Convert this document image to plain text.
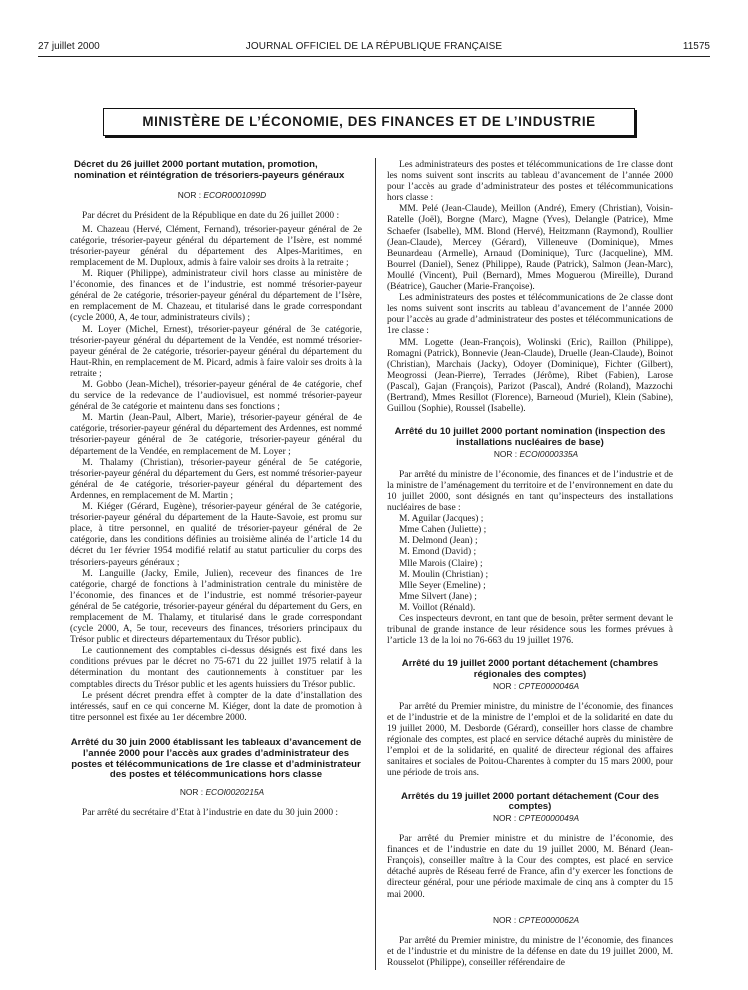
27 juillet 2000	JOURNAL OFFICIEL DE LA RÉPUBLIQUE FRANÇAISE	11575
MINISTÈRE DE L’ÉCONOMIE, DES FINANCES ET DE L’INDUSTRIE
Décret du 26 juillet 2000 portant mutation, promotion, nomination et réintégration de trésoriers-payeurs généraux

NOR : ECOR0001099D

Par décret du Président de la République en date du 26 juillet 2000 :

M. Chazeau (Hervé, Clément, Fernand), trésorier-payeur général de 2e catégorie, trésorier-payeur général du département de l’Isère, est nommé trésorier-payeur général du département des Alpes-Maritimes, en remplacement de M. Duploux, admis à faire valoir ses droits à la retraite ;

M. Riquer (Philippe), administrateur civil hors classe au ministère de l’économie, des finances et de l’industrie, est nommé trésorier-payeur général de 2e catégorie, trésorier-payeur général du département de l’Isère, en remplacement de M. Chazeau, et titularisé dans le grade correspondant (cycle 2000, A, 4e tour, administrateurs civils) ;

M. Loyer (Michel, Ernest), trésorier-payeur général de 3e catégorie, trésorier-payeur général du département de la Vendée, est nommé trésorier-payeur général de 2e catégorie, trésorier-payeur général du département du Haut-Rhin, en remplacement de M. Picard, admis à faire valoir ses droits à la retraite ;

M. Gobbo (Jean-Michel), trésorier-payeur général de 4e catégorie, chef du service de la redevance de l’audiovisuel, est nommé trésorier-payeur général de 3e catégorie et maintenu dans ses fonctions ;

M. Martin (Jean-Paul, Albert, Marie), trésorier-payeur général de 4e catégorie, trésorier-payeur général du département des Ardennes, est nommé trésorier-payeur général de 3e catégorie, trésorier-payeur général du département de la Vendée, en remplacement de M. Loyer ;

M. Thalamy (Christian), trésorier-payeur général de 5e catégorie, trésorier-payeur général du département du Gers, est nommé trésorier-payeur général de 4e catégorie, trésorier-payeur général du département des Ardennes, en remplacement de M. Martin ;

M. Kiéger (Gérard, Eugène), trésorier-payeur général de 3e catégorie, trésorier-payeur général du département de la Haute-Savoie, est promu sur place, à titre personnel, en qualité de trésorier-payeur général de 2e catégorie, dans les conditions définies au troisième alinéa de l’article 14 du décret du 1er février 1954 modifié relatif au statut particulier du corps des trésoriers-payeurs généraux ;

M. Languille (Jacky, Emile, Julien), receveur des finances de 1re catégorie, chargé de fonctions à l’administration centrale du ministère de l’économie, des finances et de l’industrie, est nommé trésorier-payeur général de 5e catégorie, trésorier-payeur général du département du Gers, en remplacement de M. Thalamy, et titularisé dans le grade correspondant (cycle 2000, A, 5e tour, receveurs des finances, trésoriers principaux du Trésor public et directeurs départementaux du Trésor public).

Le cautionnement des comptables ci-dessus désignés est fixé dans les conditions prévues par le décret no 75-671 du 22 juillet 1975 relatif à la détermination du montant des cautionnements à constituer par les comptables directs du Trésor public et les agents huissiers du Trésor public.

Le présent décret prendra effet à compter de la date d’installation des intéressés, sauf en ce qui concerne M. Kiéger, dont la date de promotion à titre personnel est fixée au 1er décembre 2000.

Arrêté du 30 juin 2000 établissant les tableaux d’avancement de l’année 2000 pour l’accès aux grades d’administrateur des postes et télécommunications de 1re classe et d’administrateur des postes et télécommunications hors classe

NOR : ECOI0020215A

Par arrêté du secrétaire d’Etat à l’industrie en date du 30 juin 2000 :

Les administrateurs des postes et télécommunications de 1re classe dont les noms suivent sont inscrits au tableau d’avancement de l’année 2000 pour l’accès au grade d’administrateur des postes et télécommunications hors classe :

MM. Pelé (Jean-Claude), Meillon (André), Emery (Christian), Voisin-Ratelle (Joël), Borgne (Marc), Magne (Yves), Delangle (Patrice), Mme Schaefer (Isabelle), MM. Blond (Hervé), Heitzmann (Raymond), Roullier (Jean-Claude), Mercey (Gérard), Villeneuve (Dominique), Mmes Beunardeau (Armelle), Arnaud (Dominique), Turc (Jacqueline), MM. Bourrel (Daniel), Senez (Philippe), Raude (Patrick), Salmon (Jean-Marc), Moullé (Vincent), Puil (Bernard), Mmes Moguerou (Mireille), Durand (Béatrice), Gaucher (Marie-Françoise).

Les administrateurs des postes et télécommunications de 2e classe dont les noms suivent sont inscrits au tableau d’avancement de l’année 2000 pour l’accès au grade d’administrateur des postes et télécommunications de 1re classe :

MM. Logette (Jean-François), Wolinski (Eric), Raillon (Philippe), Romagni (Patrick), Bonnevie (Jean-Claude), Druelle (Jean-Claude), Boinot (Christian), Marchais (Jacky), Odoyer (Dominique), Fichter (Gilbert), Meogrossi (Jean-Pierre), Terrades (Jérôme), Ribet (Fabien), Larose (Pascal), Gajan (François), Parizot (Pascal), André (Roland), Mazzochi (Bertrand), Mmes Resillot (Florence), Barneoud (Muriel), Klein (Sabine), Guillou (Sophie), Roussel (Isabelle).

Arrêté du 10 juillet 2000 portant nomination (inspection des installations nucléaires de base)

NOR : ECOI0000335A

Par arrêté du ministre de l’économie, des finances et de l’industrie et de la ministre de l’aménagement du territoire et de l’environnement en date du 10 juillet 2000, sont désignés en tant qu’inspecteurs des installations nucléaires de base :

M. Aguilar (Jacques) ;

Mme Cahen (Juliette) ;

M. Delmond (Jean) ;

M. Emond (David) ;

Mlle Marois (Claire) ;

M. Moulin (Christian) ;

Mlle Seyer (Emeline) ;

Mme Silvert (Jane) ;

M. Voillot (Rénald).

Ces inspecteurs devront, en tant que de besoin, prêter serment devant le tribunal de grande instance de leur résidence sous les formes prévues à l’article 13 de la loi no 76-663 du 19 juillet 1976.

Arrêté du 19 juillet 2000 portant détachement (chambres régionales des comptes)

NOR : CPTE0000046A

Par arrêté du Premier ministre, du ministre de l’économie, des finances et de l’industrie et de la ministre de l’emploi et de la solidarité en date du 19 juillet 2000, M. Desborde (Gérard), conseiller hors classe de chambre régionale des comptes, est placé en service détaché auprès du ministère de l’emploi et de la solidarité, en qualité de directeur régional des affaires sanitaires et sociales de Poitou-Charentes à compter du 15 mars 2000, pour une période de trois ans.

Arrêtés du 19 juillet 2000 portant détachement (Cour des comptes)

NOR : CPTE0000049A

Par arrêté du Premier ministre et du ministre de l’économie, des finances et de l’industrie en date du 19 juillet 2000, M. Bénard (Jean-François), conseiller maître à la Cour des comptes, est placé en service détaché auprès de Réseau ferré de France, afin d’y exercer les fonctions de directeur général, pour une période maximale de cinq ans à compter du 15 mai 2000.

NOR : CPTE0000062A

Par arrêté du Premier ministre, du ministre de l’économie, des finances et de l’industrie et du ministre de la défense en date du 19 juillet 2000, M. Rousselot (Philippe), conseiller référendaire de
